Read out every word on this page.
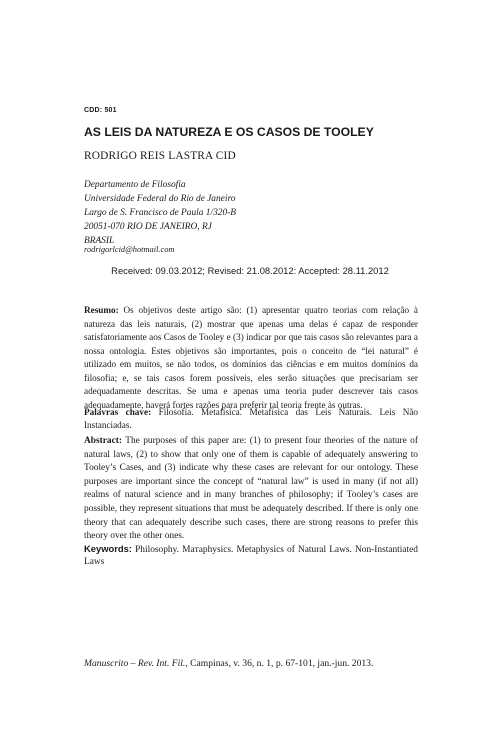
CDD: 501
AS LEIS DA NATUREZA E OS CASOS DE TOOLEY
RODRIGO REIS LASTRA CID
Departamento de Filosofia
Universidade Federal do Rio de Janeiro
Largo de S. Francisco de Paula 1/320-B
20051-070 RIO DE JANEIRO, RJ
BRASIL
rodrigorlcid@hotmail.com
Received: 09.03.2012; Revised: 21.08.2012: Accepted: 28.11.2012
Resumo: Os objetivos deste artigo são: (1) apresentar quatro teorias com relação à natureza das leis naturais, (2) mostrar que apenas uma delas é capaz de responder satisfatoriamente aos Casos de Tooley e (3) indicar por que tais casos são relevantes para a nossa ontologia. Estes objetivos são importantes, pois o conceito de “lei natural” é utilizado em muitos, se não todos, os domínios das ciências e em muitos domínios da filosofia; e, se tais casos forem possíveis, eles serão situações que precisariam ser adequadamente descritas. Se uma e apenas uma teoria puder descrever tais casos adequadamente, haverá fortes razões para preferir tal teoria frente às outras.
Palavras chave: Filosofia. Metafísica. Metafísica das Leis Naturais. Leis Não Instanciadas.
Abstract: The purposes of this paper are: (1) to present four theories of the nature of natural laws, (2) to show that only one of them is capable of adequately answering to Tooley’s Cases, and (3) indicate why these cases are relevant for our ontology. These purposes are important since the concept of “natural law” is used in many (if not all) realms of natural science and in many branches of philosophy; if Tooley’s cases are possible, they represent situations that must be adequately described. If there is only one theory that can adequately describe such cases, there are strong reasons to prefer this theory over the other ones.
Keywords: Philosophy. Maтaphysics. Metaphysics of Natural Laws. Non-Instantiated Laws
Manuscrito – Rev. Int. Fil., Campinas, v. 36, n. 1, p. 67-101, jan.-jun. 2013.
